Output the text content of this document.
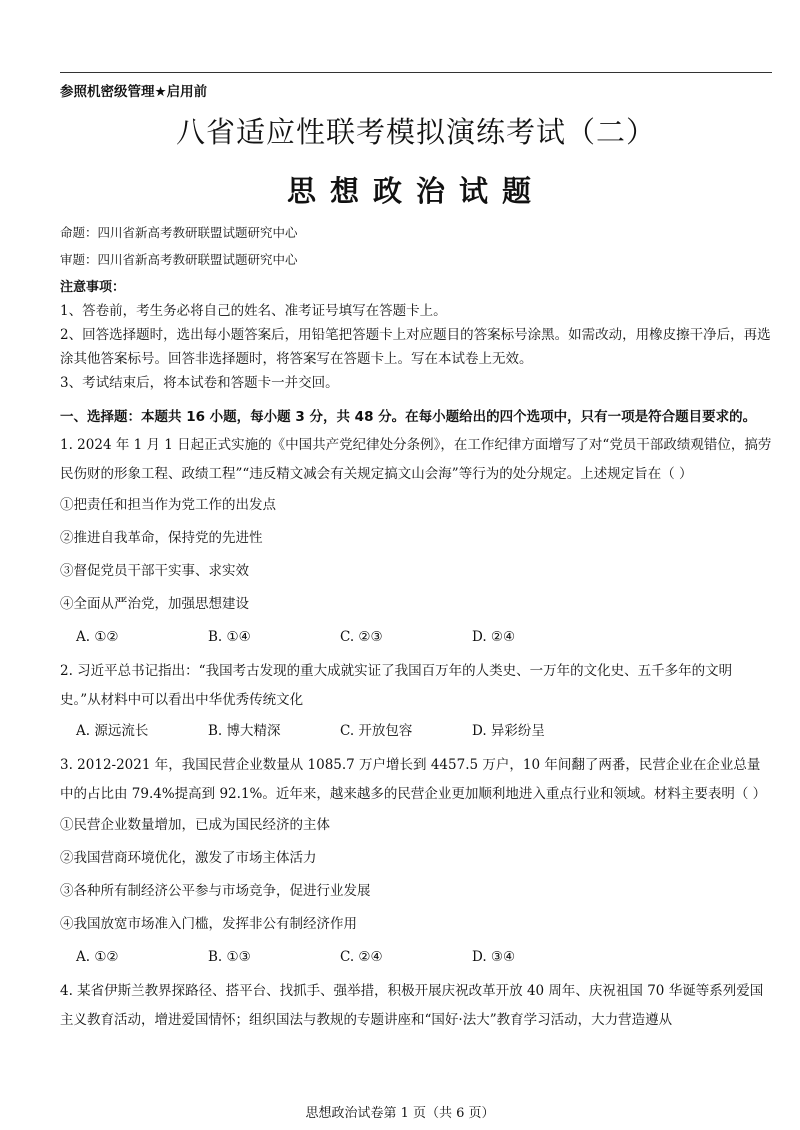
参照机密级管理★启用前
八省适应性联考模拟演练考试（二）
思想政治试题
命题：四川省新高考教研联盟试题研究中心
审题：四川省新高考教研联盟试题研究中心
注意事项：
1、答卷前，考生务必将自己的姓名、准考证号填写在答题卡上。
2、回答选择题时，选出每小题答案后，用铅笔把答题卡上对应题目的答案标号涂黑。如需改动，用橡皮擦干净后，再选涂其他答案标号。回答非选择题时，将答案写在答题卡上。写在本试卷上无效。
3、考试结束后，将本试卷和答题卡一并交回。
一、选择题：本题共 16 小题，每小题 3 分，共 48 分。在每小题给出的四个选项中，只有一项是符合题目要求的。
1. 2024 年 1 月 1 日起正式实施的《中国共产党纪律处分条例》，在工作纪律方面增写了对“党员干部政绩观错位，搞劳民伤财的形象工程、政绩工程”“违反精文减会有关规定搞文山会海”等行为的处分规定。上述规定旨在（ ）
①把责任和担当作为党工作的出发点
②推进自我革命，保持党的先进性
③督促党员干部干实事、求实效
④全面从严治党，加强思想建设
A. ①②	B. ①④	C. ②③	D. ②④
2. 习近平总书记指出：“我国考古发现的重大成就实证了我国百万年的人类史、一万年的文化史、五千多年的文明史。”从材料中可以看出中华优秀传统文化
A. 源远流长	B. 博大精深	C. 开放包容	D. 异彩纷呈
3. 2012-2021 年，我国民营企业数量从 1085.7 万户增长到 4457.5 万户，10 年间翻了两番，民营企业在企业总量中的占比由 79.4%提高到 92.1%。近年来，越来越多的民营企业更加顺利地进入重点行业和领域。材料主要表明（ ）
①民营企业数量增加，已成为国民经济的主体
②我国营商环境优化，激发了市场主体活力
③各种所有制经济公平参与市场竞争，促进行业发展
④我国放宽市场准入门槛，发挥非公有制经济作用
A. ①②	B. ①③	C. ②④	D. ③④
4. 某省伊斯兰教界探路径、搭平台、找抓手、强举措，积极开展庆祝改革开放 40 周年、庆祝祖国 70 华诞等系列爱国主义教育活动，增进爱国情怀；组织国法与教规的专题讲座和“国好·法大”教育学习活动，大力营造遵从
思想政治试卷第 1 页（共 6 页）
